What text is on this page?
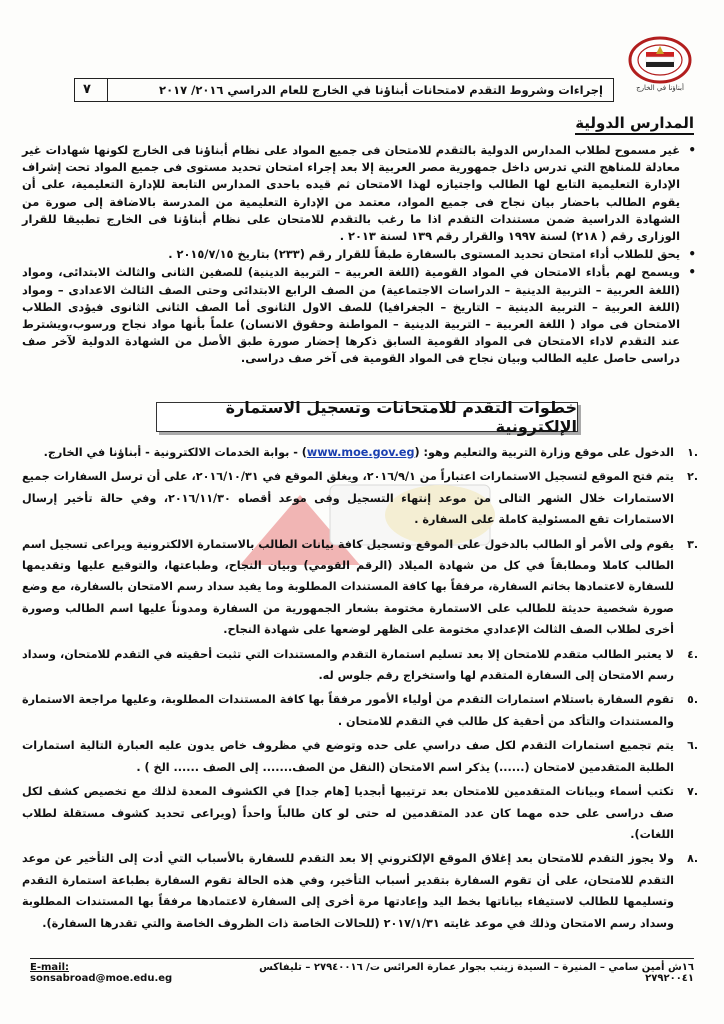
أبناؤنا في الخارج
إجراءات وشروط التقدم لامتحانات أبناؤنا في الخارج للعام الدراسي ٢٠١٦/ ٢٠١٧
٧
المدارس الدولية
•
غير مسموح لطلاب المدارس الدولية بالتقدم للامتحان فى جميع المواد على نظام أبناؤنا فى الخارج لكونها شهادات غير معادلة للمناهج التي تدرس داخل جمهورية مصر العربية إلا بعد إجراء امتحان تحديد مستوى فى جميع المواد تحت إشراف الإدارة التعليمية التابع لها الطالب واجتيازه لهذا الامتحان ثم قيده باحدى المدارس التابعة للإدارة التعليمية، على أن يقوم الطالب باحضار بيان نجاح فى جميع المواد، معتمد من الإدارة التعليمية من المدرسة بالاضافة إلى صورة من الشهادة الدراسية ضمن مستندات التقدم اذا ما رغب بالتقدم للامتحان على نظام أبناؤنا فى الخارج تطبيقا للقرار الوزارى رقم ( ٢١٨) لسنة ١٩٩٧ والقرار رقم ١٣٩ لسنة ٢٠١٣ .
•
يحق للطلاب أداء امتحان تحديد المستوى بالسفارة طبقاً للقرار رقم (٢٣٣) بتاريخ ٢٠١٥/٧/١٥ .
•
ويسمح لهم بأداء الامتحان في المواد القومية (اللغة العربية – التربية الدينية) للصفين الثانى والثالث الابتدائى، ومواد (اللغة العربية – التربية الدينية – الدراسات الاجتماعية) من الصف الرابع الابتدائى وحتى الصف الثالث الاعدادى – ومواد (اللغة العربية – التربية الدينية – التاريخ – الجغرافيا) للصف الاول الثانوى أما الصف الثانى الثانوى فيؤدى الطلاب الامتحان فى مواد ( اللغة العربية – التربية الدينية – المواطنة وحقوق الانسان) علماً بأنها مواد نجاح ورسوب،ويشترط عند التقدم لاداء الامتحان فى المواد القومية السابق ذكرها إحضار صورة طبق الأصل من الشهادة الدولية لآخر صف دراسى حاصل عليه الطالب وبيان نجاح فى المواد القومية فى آخر صف دراسى.
خطوات التقدم للامتحانات وتسجيل الاستمارة الإلكترونية
.١
الدخول على موقع وزارة التربية والتعليم وهو: (www.moe.gov.eg) - بوابة الخدمات الالكترونية - أبناؤنا في الخارج.
.٢
يتم فتح الموقع لتسجيل الاستمارات اعتباراً من ٢٠١٦/٩/١، ويغلق الموقع في ٢٠١٦/١٠/٣١، على أن ترسل السفارات جميع الاستمارات خلال الشهر التالى من موعد إنتهاء التسجيل وفى موعد أقصاه ٢٠١٦/١١/٣٠، وفي حالة تأخير إرسال الاستمارات تقع المسئولية كاملة على السفارة .
.٣
يقوم ولى الأمر أو الطالب بالدخول على الموقع وتسجيل كافة بيانات الطالب بالاستمارة الالكترونية ويراعى تسجيل اسم الطالب كاملا ومطابقاً في كل من شهادة الميلاد (الرقم القومي) وبيان النجاح، وطباعتها، والتوقيع عليها وتقديمها للسفارة لاعتمادها بخاتم السفارة، مرفقاً بها كافة المستندات المطلوبة وما يفيد سداد رسم الامتحان بالسفارة، مع وضع صورة شخصية حديثة للطالب على الاستمارة مختومة بشعار الجمهورية من السفارة ومدوناً عليها اسم الطالب وصورة أخرى لطلاب الصف الثالث الإعدادي مختومة على الظهر لوضعها على شهادة النجاح.
.٤
لا يعتبر الطالب متقدم للامتحان إلا بعد تسليم استمارة التقدم والمستندات التي تثبت أحقيته في التقدم للامتحان، وسداد رسم الامتحان إلى السفارة المتقدم لها واستخراج رقم جلوس له.
.٥
تقوم السفارة باستلام استمارات التقدم من أولياء الأمور مرفقاً بها كافة المستندات المطلوبة، وعليها مراجعة الاستمارة والمستندات والتأكد من أحقية كل طالب في التقدم للامتحان .
.٦
يتم تجميع استمارات التقدم لكل صف دراسي على حده وتوضع في مظروف خاص يدون عليه العبارة التالية استمارات الطلبة المتقدمين لامتحان (......) يذكر اسم الامتحان (النقل من الصف....... إلى الصف ...... الخ ) .
.٧
تكتب أسماء وبيانات المتقدمين للامتحان بعد ترتيبها أبجديا [هام جدا] في الكشوف المعدة لذلك مع تخصيص كشف لكل صف دراسى على حده مهما كان عدد المتقدمين له حتى لو كان طالباً واحداً (ويراعى تحديد كشوف مستقلة لطلاب اللغات).
.٨
ولا يجوز التقدم للامتحان بعد إغلاق الموقع الإلكتروني إلا بعد التقدم للسفارة بالأسباب التي أدت إلى التأخير عن موعد التقدم للامتحان، على أن تقوم السفارة بتقدير أسباب التأخير، وفي هذه الحالة تقوم السفارة بطباعة استمارة التقدم وتسليمها للطالب لاستيفاء بياناتها بخط اليد وإعادتها مرة أخرى إلى السفارة لاعتمادها مرفقاً بها المستندات المطلوبة وسداد رسم الامتحان وذلك في موعد غايته ٢٠١٧/١/٣١ (للحالات الخاصة ذات الظروف الخاصة والتي تقدرها السفارة).
١٦ش أمين سامي – المنيرة – السيدة زينب بجوار عمارة العرائس ت/ ٢٧٩٤٠٠١٦ – تليفاكس ٢٧٩٢٠٠٤١
E-mail: sonsabroad@moe.edu.eg
